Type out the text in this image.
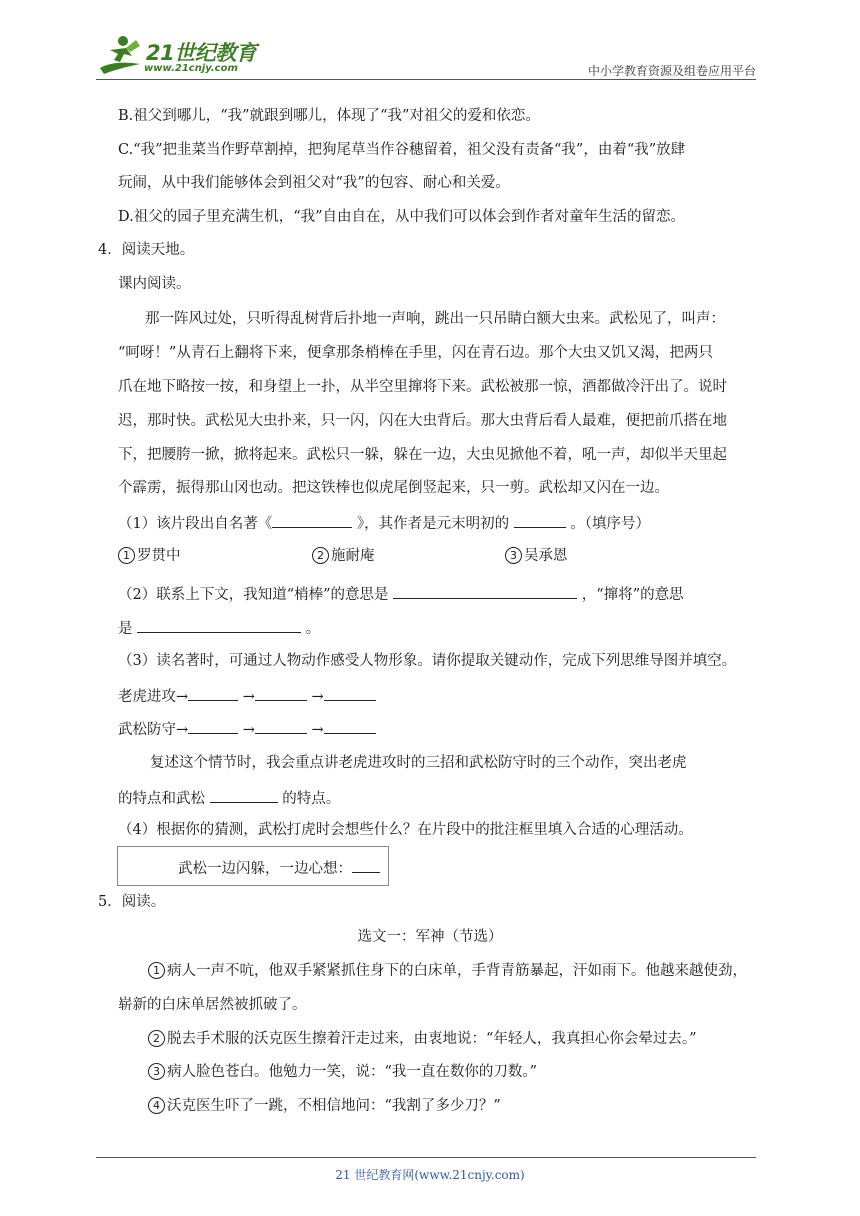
21世纪教育
www.21cnjy.com	中小学教育资源及组卷应用平台
B.祖父到哪儿，“我”就跟到哪儿，体现了“我”对祖父的爱和依恋。
C.“我”把韭菜当作野草割掉，把狗尾草当作谷穗留着，祖父没有责备“我”，由着“我”放肆
玩闹，从中我们能够体会到祖父对“我”的包容、耐心和关爱。
D.祖父的园子里充满生机，“我”自由自在，从中我们可以体会到作者对童年生活的留恋。
4．阅读天地。
课内阅读。
那一阵风过处，只听得乱树背后扑地一声响，跳出一只吊睛白额大虫来。武松见了，叫声：
“呵呀！”从青石上翻将下来，便拿那条梢棒在手里，闪在青石边。那个大虫又饥又渴，把两只
爪在地下略按一按，和身望上一扑，从半空里撺将下来。武松被那一惊，酒都做冷汗出了。说时
迟，那时快。武松见大虫扑来，只一闪，闪在大虫背后。那大虫背后看人最难，便把前爪搭在地
下，把腰胯一掀，掀将起来。武松只一躲，躲在一边，大虫见掀他不着，吼一声，却似半天里起
个霹雳，振得那山冈也动。把这铁棒也似虎尾倒竖起来，只一剪。武松却又闪在一边。
（1）该片段出自名著《	》，其作者是元末明初的	。（填序号）
1 罗贯中	2 施耐庵	3 吴承恩
（2）联系上下文，我知道“梢棒”的意思是	，“撺将”的意思
是	。
（3）读名著时，可通过人物动作感受人物形象。请你提取关键动作，完成下列思维导图并填空。
老虎进攻→	→	→
武松防守→	→	→
复述这个情节时，我会重点讲老虎进攻时的三招和武松防守时的三个动作，突出老虎
的特点和武松	的特点。
（4）根据你的猜测，武松打虎时会想些什么？在片段中的批注框里填入合适的心理活动。
武松一边闪躲，一边心想：
5．阅读。
选文一：军神（节选）
1 病人一声不吭，他双手紧紧抓住身下的白床单，手背青筋暴起，汗如雨下。他越来越使劲，
崭新的白床单居然被抓破了。
2 脱去手术服的沃克医生擦着汗走过来，由衷地说：“年轻人，我真担心你会晕过去。”
3 病人脸色苍白。他勉力一笑，说：“我一直在数你的刀数。”
4 沃克医生吓了一跳，不相信地问：“我割了多少刀？”
21 世纪教育网(www.21cnjy.com)
